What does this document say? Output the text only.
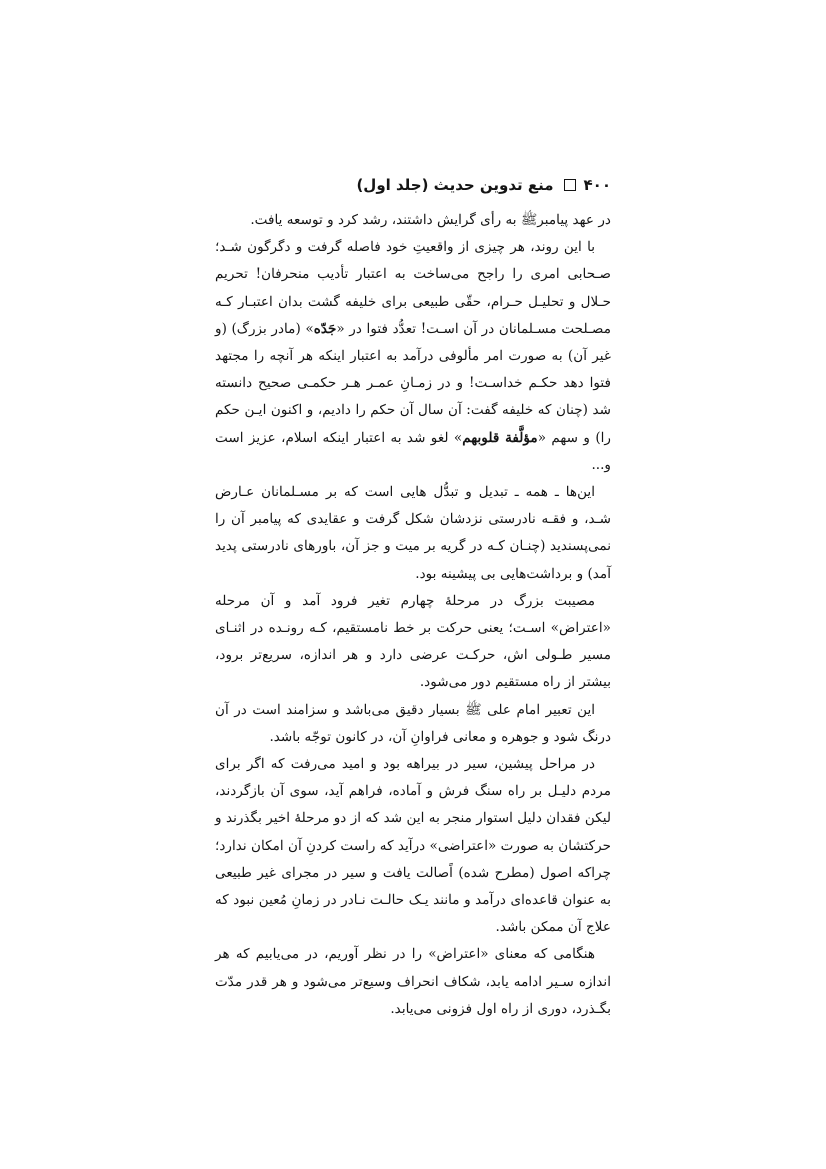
۴۰۰
منع تدوین حدیث (جلد اول)

در عهد پیامبرﷺ به رأی گرایش داشتند، رشد کرد و توسعه یافت.

با این روند، هر چیزی از واقعیتِ خود فاصله گرفت و دگرگون شـد؛ صـحابی امری را راجح می‌ساخت به اعتبار تأدیب منحرفان! تحریم حـلال و تحلیـل حـرام، حقّی طبیعی برای خلیفه گشت بدان اعتبـار کـه مصـلحت مسـلمانان در آن اسـت! تعدُّد فتوا در «جَدّه» (مادر بزرگ) (و غیر آن) به صورت امر مألوفی درآمد به اعتبار اینکه هر آنچه را مجتهد فتوا دهد حکـم خداسـت! و در زمـانِ عمـر هـر حکمـی صحیح دانسته شد (چنان که خلیفه گفت: آن سال آن حکم را دادیم، و اکنون ایـن حکم را) و سهم «مؤلَّفة قلوبهم» لغو شد به اعتبار اینکه اسلام، عزیز است و...

این‌ها ـ همه ـ تبدیل و تبدُّل هایی است که بر مسـلمانان عـارض شـد، و فقـه نادرستی نزدشان شکل گرفت و عقایدی که پیامبر آن را نمی‌پسندید (چنـان کـه در گریه بر میت و جز آن، باورهای نادرستی پدید آمد) و برداشت‌هایی بی پیشینه بود.

مصیبت بزرگ در مرحلهٔ چهارم تغیر فرود آمد و آن مرحله «اعتراض» اسـت؛ یعنی حرکت بر خط نامستقیم، کـه رونـده در اثنـای مسیر طـولی اش، حرکـت عرضی دارد و هر اندازه، سریع‌تر برود، بیشتر از راه مستقیم دور می‌شود.

این تعبیر امام علی ﷺ بسیار دقیق می‌باشد و سزامند است در آن درنگ شود و جوهره و معانی فراوانِ آن، در کانون توجّه باشد.

در مراحل پیشین، سیر در بیراهه بود و امید می‌رفت که اگر برای مردم دلیـل بر راه سنگ فرش و آماده، فراهم آید، سوی آن بازگردند، لیکن فقدان دلیل استوار منجر به این شد که از دو مرحلهٔ اخیر بگذرند و حرکتشان به صورت «اعتراضی» درآید که راست کردنِ آن امکان ندارد؛ چراکه اصول (مطرح شده) اًصالت یافت و سیر در مجرای غیر طبیعی به عنوان قاعده‌ای درآمد و مانند یـک حالـت نـادر در زمانِ مُعین نبود که علاج آن ممکن باشد.

هنگامی که معنای «اعتراض» را در نظر آوریم، در می‌یابیم که هر اندازه سـیر ادامه یابد، شکاف انحراف وسیع‌تر می‌شود و هر قدر مدّت بگـذرد، دوری از راه اول فزونی می‌یابد.
